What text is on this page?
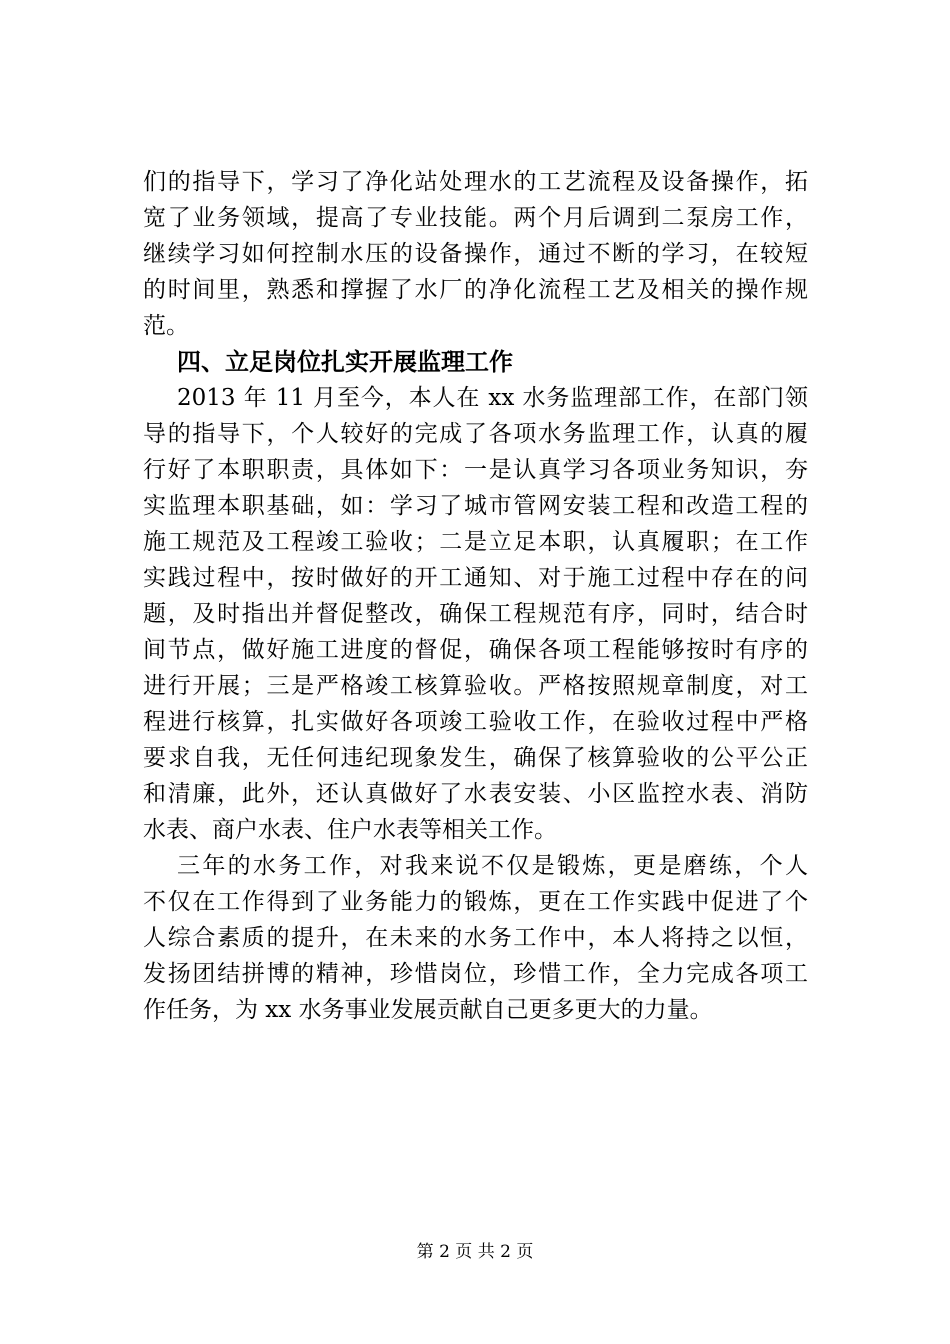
们的指导下，学习了净化站处理水的工艺流程及设备操作，拓
宽了业务领域，提高了专业技能。两个月后调到二泵房工作，
继续学习如何控制水压的设备操作，通过不断的学习，在较短
的时间里，熟悉和撑握了水厂的净化流程工艺及相关的操作规
范。
四、立足岗位扎实开展监理工作
2013 年 11 月至今，本人在 xx 水务监理部工作，在部门领
导的指导下，个人较好的完成了各项水务监理工作，认真的履
行好了本职职责，具体如下：一是认真学习各项业务知识，夯
实监理本职基础，如：学习了城市管网安装工程和改造工程的
施工规范及工程竣工验收；二是立足本职，认真履职；在工作
实践过程中，按时做好的开工通知、对于施工过程中存在的问
题，及时指出并督促整改，确保工程规范有序，同时，结合时
间节点，做好施工进度的督促，确保各项工程能够按时有序的
进行开展；三是严格竣工核算验收。严格按照规章制度，对工
程进行核算，扎实做好各项竣工验收工作，在验收过程中严格
要求自我，无任何违纪现象发生，确保了核算验收的公平公正
和清廉，此外，还认真做好了水表安装、小区监控水表、消防
水表、商户水表、住户水表等相关工作。
三年的水务工作，对我来说不仅是锻炼，更是磨练，个人
不仅在工作得到了业务能力的锻炼，更在工作实践中促进了个
人综合素质的提升，在未来的水务工作中，本人将持之以恒，
发扬团结拼博的精神，珍惜岗位，珍惜工作，全力完成各项工
作任务，为 xx 水务事业发展贡献自己更多更大的力量。
第 2 页 共 2 页
